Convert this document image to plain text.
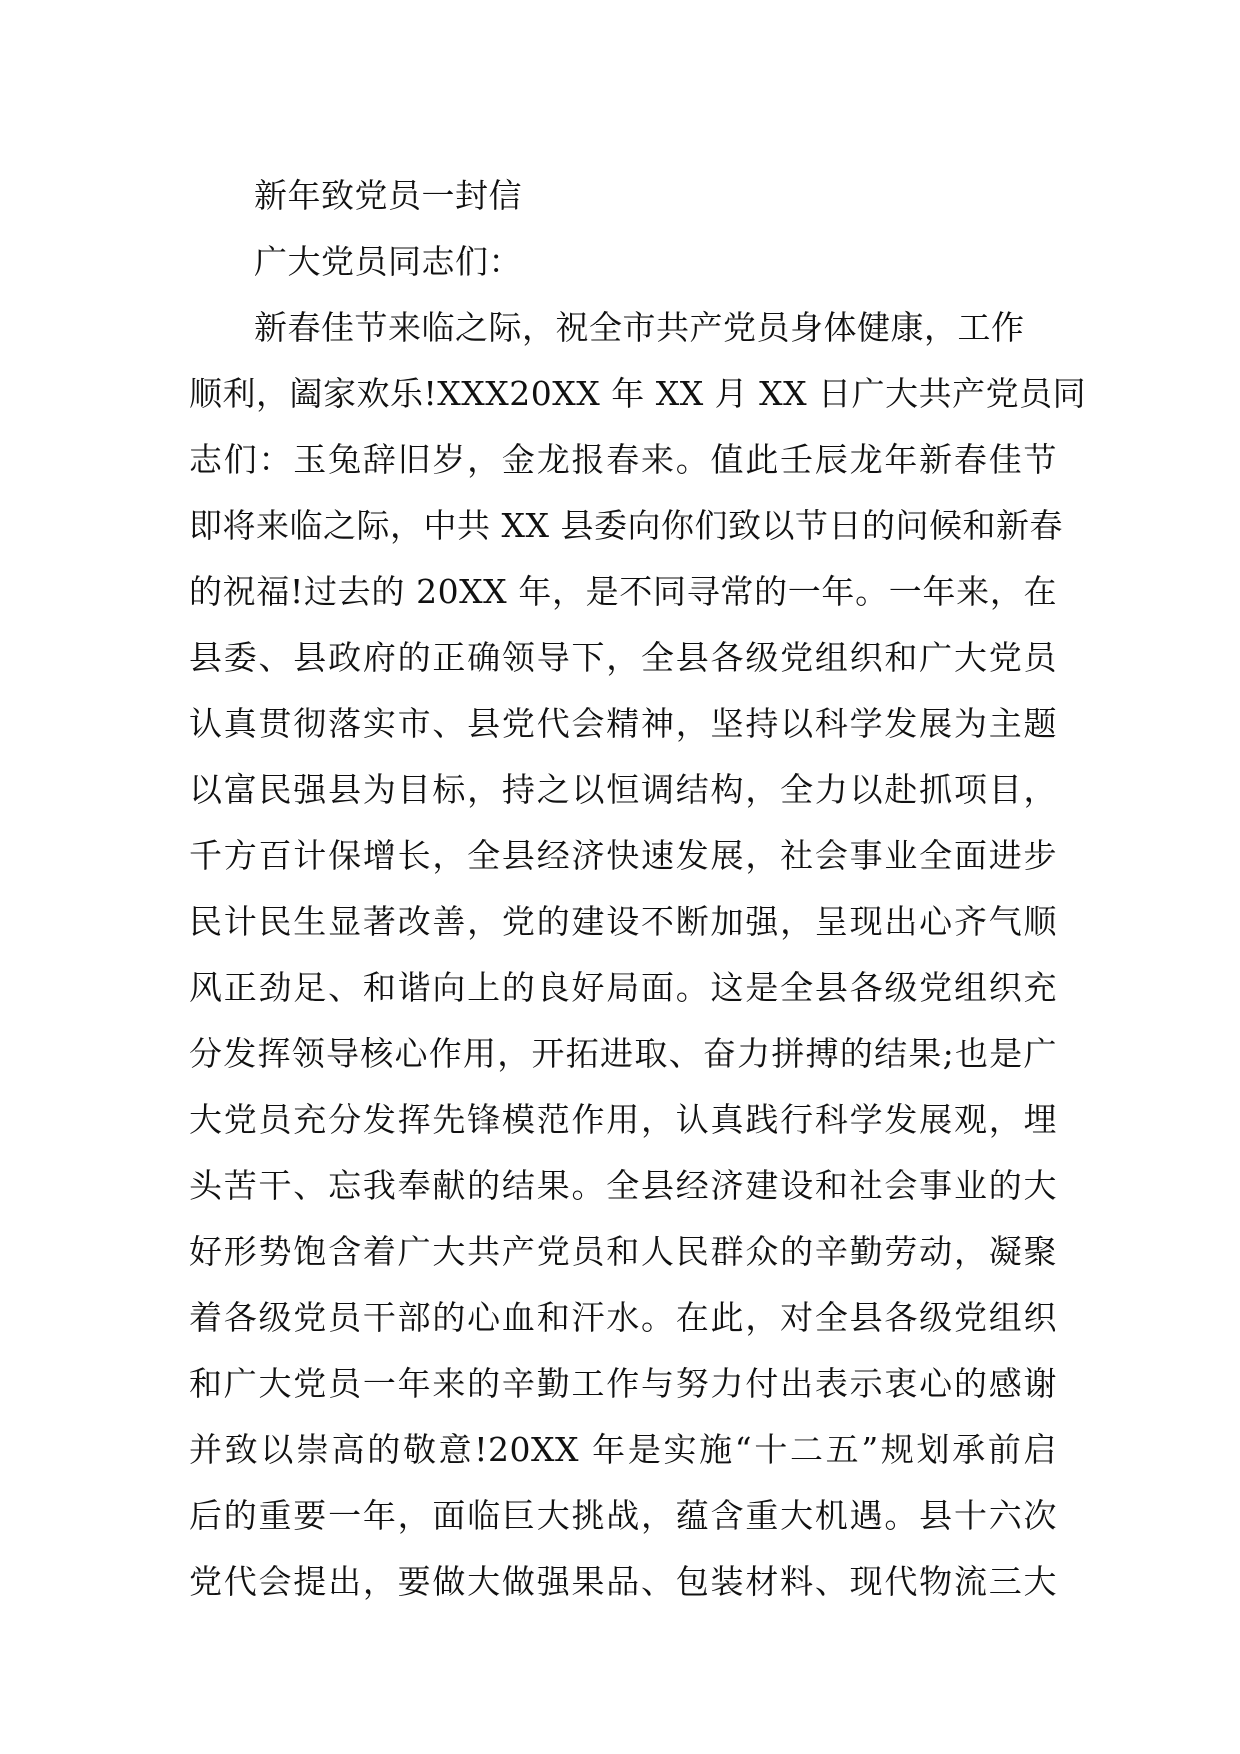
新年致党员一封信
广大党员同志们：
新春佳节来临之际，祝全市共产党员身体健康，工作
顺利，阖家欢乐!XXX20XX 年 XX 月 XX 日广大共产党员同
志们：玉兔辞旧岁，金龙报春来。值此壬辰龙年新春佳节
即将来临之际，中共 XX 县委向你们致以节日的问候和新春
的祝福!过去的 20XX 年，是不同寻常的一年。一年来，在
县委、县政府的正确领导下，全县各级党组织和广大党员
认真贯彻落实市、县党代会精神，坚持以科学发展为主题
以富民强县为目标，持之以恒调结构，全力以赴抓项目，
千方百计保增长，全县经济快速发展，社会事业全面进步
民计民生显著改善，党的建设不断加强，呈现出心齐气顺
风正劲足、和谐向上的良好局面。这是全县各级党组织充
分发挥领导核心作用，开拓进取、奋力拼搏的结果;也是广
大党员充分发挥先锋模范作用，认真践行科学发展观，埋
头苦干、忘我奉献的结果。全县经济建设和社会事业的大
好形势饱含着广大共产党员和人民群众的辛勤劳动，凝聚
着各级党员干部的心血和汗水。在此，对全县各级党组织
和广大党员一年来的辛勤工作与努力付出表示衷心的感谢
并致以崇高的敬意!20XX 年是实施“十二五”规划承前启
后的重要一年，面临巨大挑战，蕴含重大机遇。县十六次
党代会提出，要做大做强果品、包装材料、现代物流三大
